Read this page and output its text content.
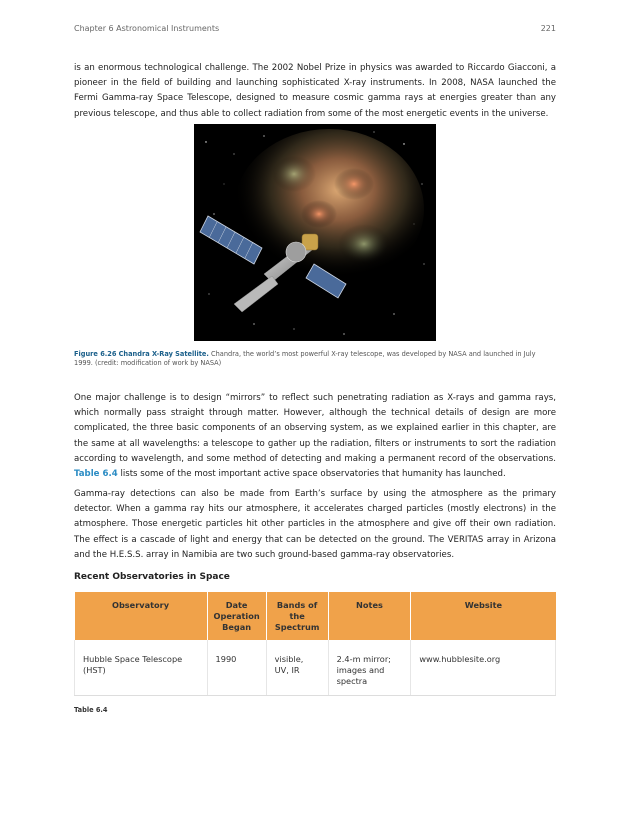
Chapter 6 Astronomical Instruments	221

is an enormous technological challenge. The 2002 Nobel Prize in physics was awarded to Riccardo Giacconi, a pioneer in the field of building and launching sophisticated X-ray instruments. In 2008, NASA launched the Fermi Gamma-ray Space Telescope, designed to measure cosmic gamma rays at energies greater than any previous telescope, and thus able to collect radiation from some of the most energetic events in the universe.

Figure 6.26 Chandra X-Ray Satellite. Chandra, the world’s most powerful X-ray telescope, was developed by NASA and launched in July 1999. (credit: modification of work by NASA)

One major challenge is to design “mirrors” to reflect such penetrating radiation as X-rays and gamma rays, which normally pass straight through matter. However, although the technical details of design are more complicated, the three basic components of an observing system, as we explained earlier in this chapter, are the same at all wavelengths: a telescope to gather up the radiation, filters or instruments to sort the radiation according to wavelength, and some method of detecting and making a permanent record of the observations. Table 6.4 lists some of the most important active space observatories that humanity has launched.

Gamma-ray detections can also be made from Earth’s surface by using the atmosphere as the primary detector. When a gamma ray hits our atmosphere, it accelerates charged particles (mostly electrons) in the atmosphere. Those energetic particles hit other particles in the atmosphere and give off their own radiation. The effect is a cascade of light and energy that can be detected on the ground. The VERITAS array in Arizona and the H.E.S.S. array in Namibia are two such ground-based gamma-ray observatories.

Recent Observatories in Space
Observatory	Date Operation Began	Bands of the Spectrum	Notes	Website
Hubble Space Telescope (HST)	1990	visible, UV, IR	2.4-m mirror; images and spectra	www.hubblesite.org
Table 6.4
